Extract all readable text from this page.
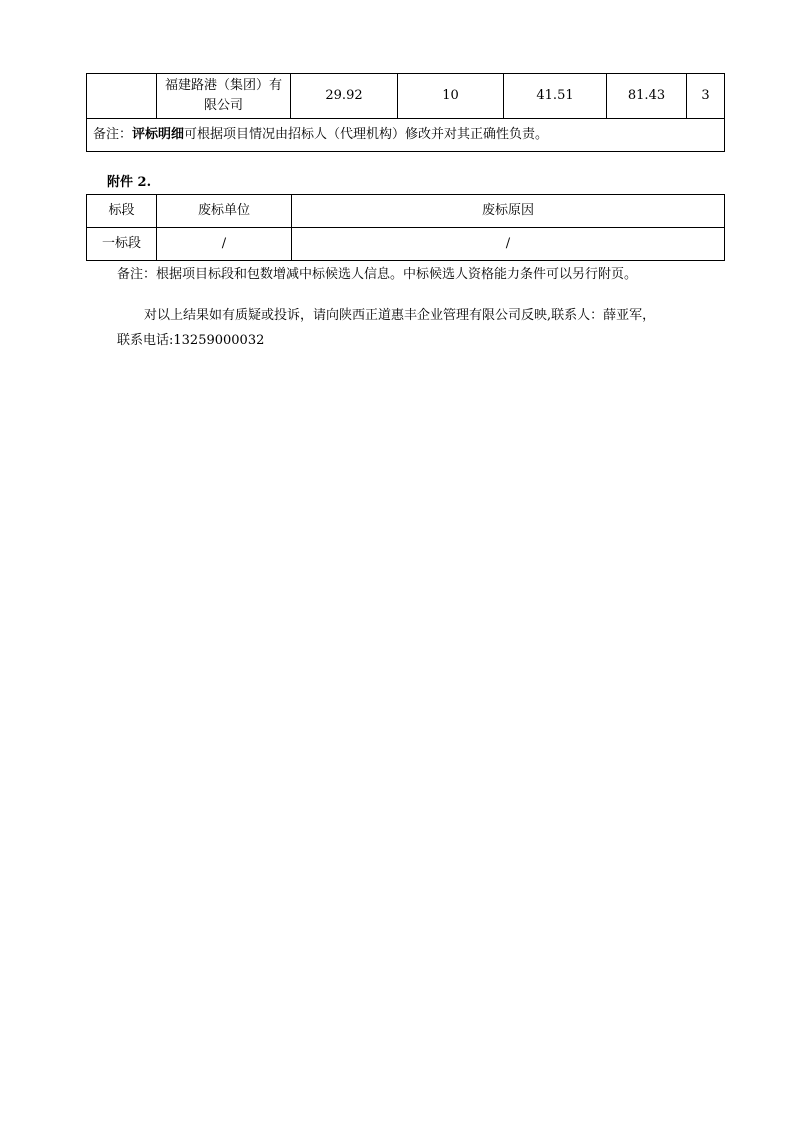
	福建路港（集团）有限公司	29.92	10	41.51	81.43	3
备注：评标明细可根据项目情况由招标人（代理机构）修改并对其正确性负责。
附件 2.
标段	废标单位	废标原因
一标段	/	/
备注：根据项目标段和包数增减中标候选人信息。中标候选人资格能力条件可以另行附页。
对以上结果如有质疑或投诉，请向陕西正道惠丰企业管理有限公司反映,联系人：薛亚军，
联系电话:13259000032
